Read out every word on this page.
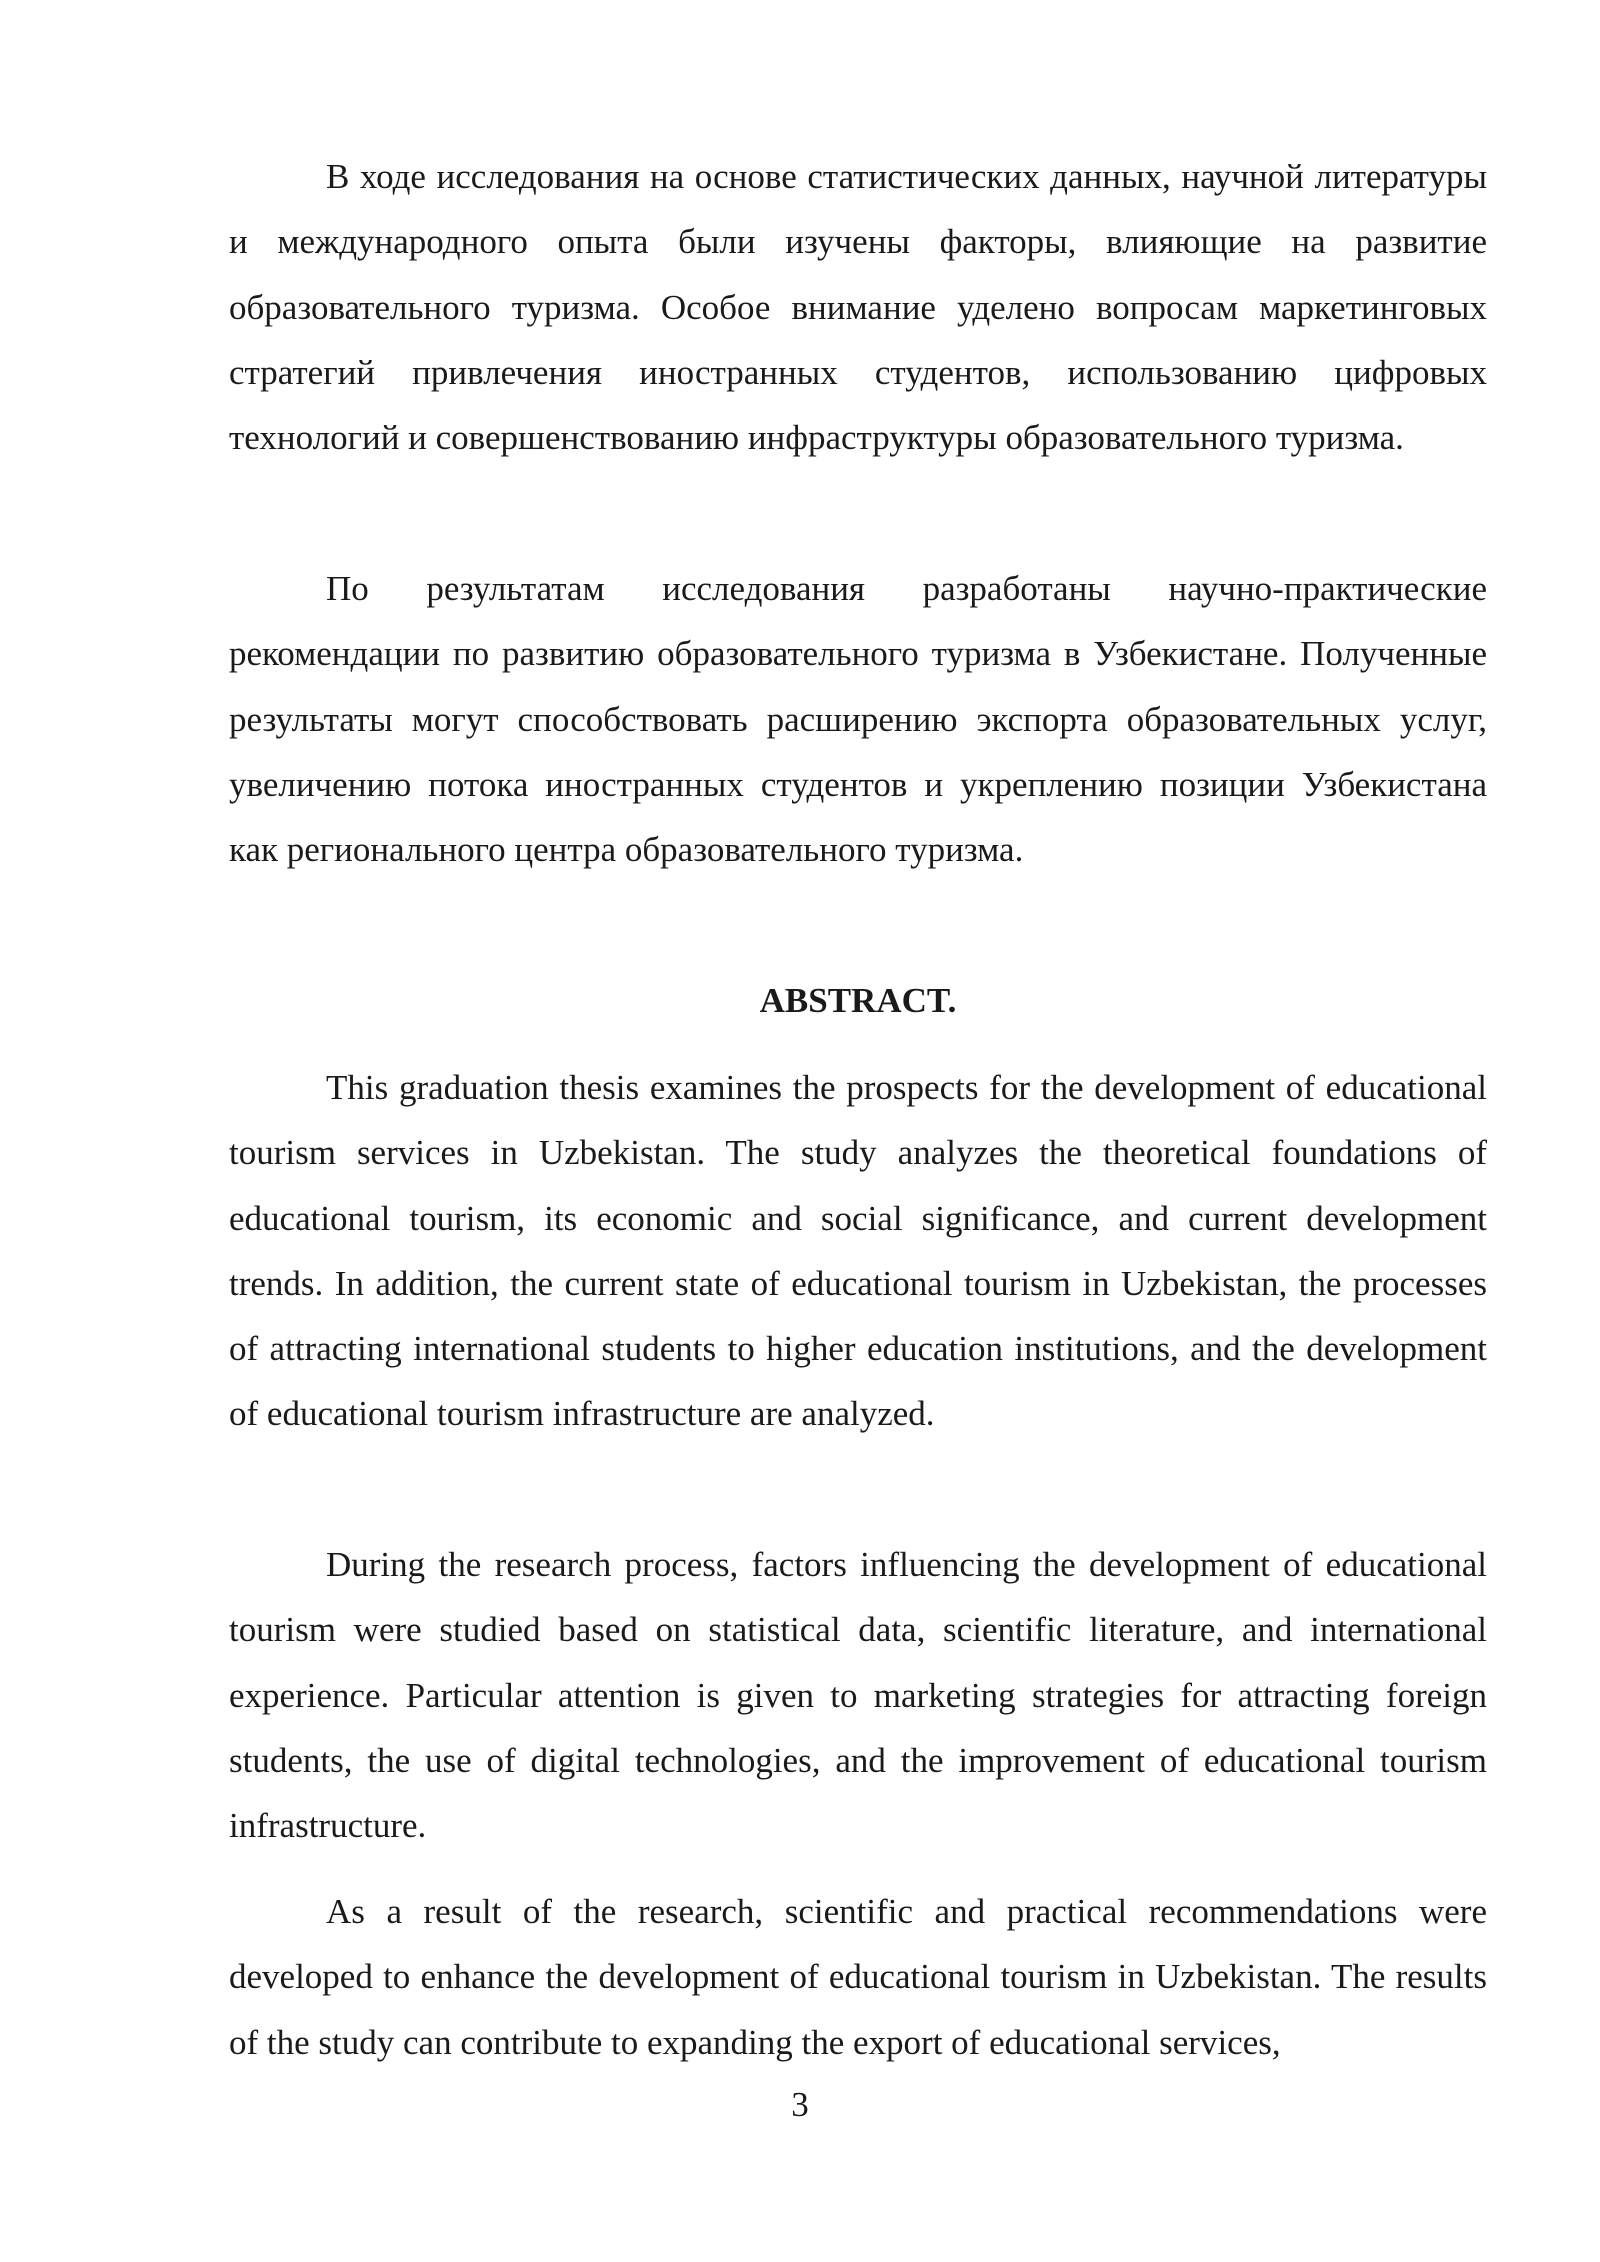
В ходе исследования на основе статистических данных, научной литературы и международного опыта были изучены факторы, влияющие на развитие образовательного туризма. Особое внимание уделено вопросам маркетинговых стратегий привлечения иностранных студентов, использованию цифровых технологий и совершенствованию инфраструктуры образовательного туризма.

По результатам исследования разработаны научно-практические рекомендации по развитию образовательного туризма в Узбекистане. Полученные результаты могут способствовать расширению экспорта образовательных услуг, увеличению потока иностранных студентов и укреплению позиции Узбекистана как регионального центра образовательного туризма.

ABSTRACT.

This graduation thesis examines the prospects for the development of educational tourism services in Uzbekistan. The study analyzes the theoretical foundations of educational tourism, its economic and social significance, and current development trends. In addition, the current state of educational tourism in Uzbekistan, the processes of attracting international students to higher education institutions, and the development of educational tourism infrastructure are analyzed.

During the research process, factors influencing the development of educational tourism were studied based on statistical data, scientific literature, and international experience. Particular attention is given to marketing strategies for attracting foreign students, the use of digital technologies, and the improvement of educational tourism infrastructure.

As a result of the research, scientific and practical recommendations were developed to enhance the development of educational tourism in Uzbekistan. The results of the study can contribute to expanding the export of educational services,

3
